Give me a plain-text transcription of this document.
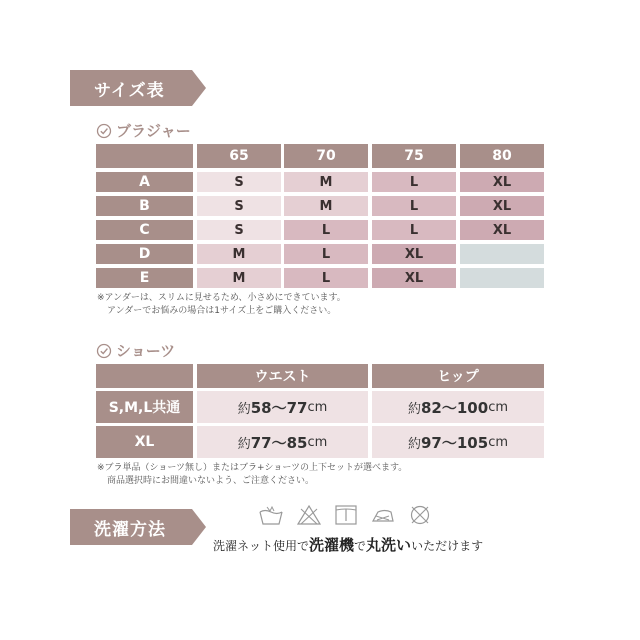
サイズ表
ブラジャー
65	70	75	80
A	S	M	L	XL
B	S	M	L	XL
C	S	L	L	XL
D	M	L	XL
E	M	L	XL
※アンダーは、スリムに見せるため、小さめにできています。
アンダーでお悩みの場合は1サイズ上をご購入ください。
ショーツ
ウエスト	ヒップ
S,M,L共通	約 58～77 cm	約 82～100 cm
XL	約 77～85 cm	約 97～105 cm
※ブラ単品（ショーツ無し）またはブラ+ショーツの上下セットが選べます。
商品選択時にお間違いないよう、ご注意ください。
洗濯方法
洗濯ネット使用で洗濯機で丸洗いいただけます
